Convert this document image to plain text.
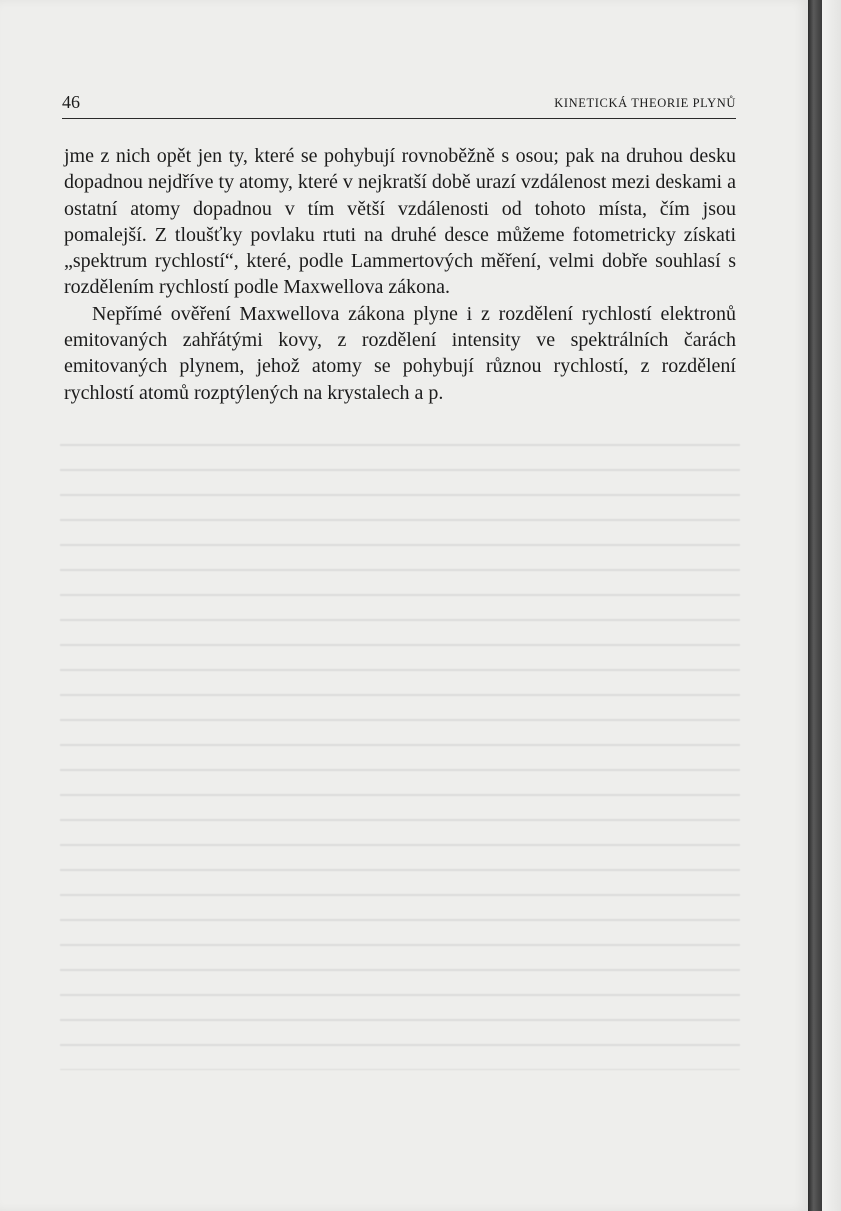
46	KINETICKÁ THEORIE PLYNŮ

jme z nich opět jen ty, které se pohybují rovnoběžně s osou; pak na druhou desku dopadnou nejdříve ty atomy, které v nejkratší době urazí vzdálenost mezi deskami a ostatní atomy dopadnou v tím větší vzdálenosti od tohoto místa, čím jsou pomalejší. Z tloušťky povlaku rtuti na druhé desce můžeme fotometricky získati „spektrum rychlostí“, které, podle Lammertových měření, velmi dobře souhlasí s rozdělením rychlostí podle Maxwellova zákona.

Nepřímé ověření Maxwellova zákona plyne i z rozdělení rychlostí elektronů emitovaných zahřátými kovy, z rozdělení intensity ve spektrálních čarách emitovaných plynem, jehož atomy se pohybují různou rychlostí, z rozdělení rychlostí atomů rozptýlených na krystalech a p.
